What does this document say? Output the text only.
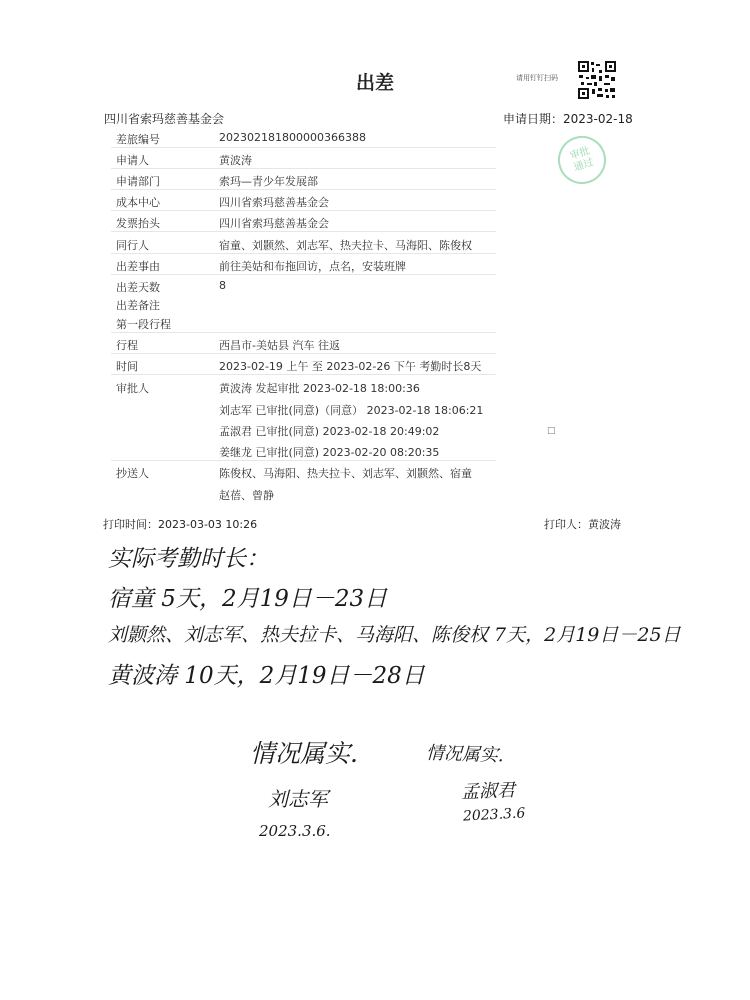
出差	请用钉钉扫码
四川省索玛慈善基金会	申请日期：2023-02-18
审批
通过
差旅编号	202302181800000366388
申请人	黄波涛
申请部门	索玛—青少年发展部
成本中心	四川省索玛慈善基金会
发票抬头	四川省索玛慈善基金会
同行人	宿童、刘颢然、刘志军、热夫拉卡、马海阳、陈俊权
出差事由	前往美姑和布拖回访，点名，安装班牌
出差天数	8
出差备注
第一段行程
行程	西昌市-美姑县 汽车 往返
时间	2023-02-19 上午 至 2023-02-26 下午 考勤时长8天
审批人	黄波涛 发起审批 2023-02-18 18:00:36
刘志军 已审批(同意)（同意） 2023-02-18 18:06:21
孟淑君 已审批(同意) 2023-02-18 20:49:02
姜继龙 已审批(同意) 2023-02-20 08:20:35
抄送人	陈俊权、马海阳、热夫拉卡、刘志军、刘颢然、宿童
赵蓓、曾静
□
打印时间：2023-03-03 10:26	打印人：黄波涛
实际考勤时长：
宿童 5天，2月19日－23日
刘颢然、刘志军、热夫拉卡、马海阳、陈俊权 7天，2月19日－25日
黄波涛 10天，2月19日－28日
情况属实.	情况属实.
刘志军	孟淑君
2023.3.6.
2023.3.6
